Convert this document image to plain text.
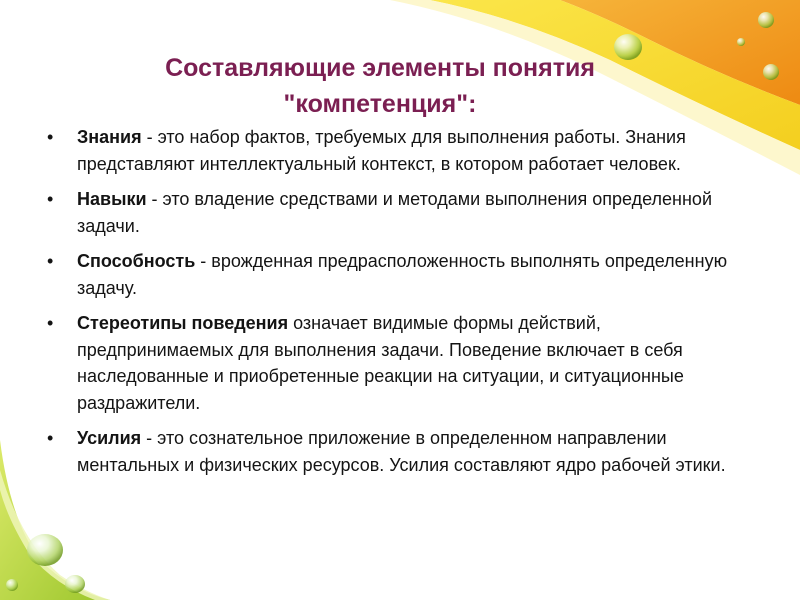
Составляющие элементы понятия
"компетенция":
• Знания - это набор фактов, требуемых для выполнения работы. Знания представляют интеллектуальный контекст, в котором работает человек.
• Навыки - это владение средствами и методами выполнения определенной задачи.
• Способность - врожденная предрасположенность выполнять определенную задачу.
• Стереотипы поведения означает видимые формы действий, предпринимаемых для выполнения задачи. Поведение включает в себя наследованные и приобретенные реакции на ситуации, и ситуационные раздражители.
• Усилия - это сознательное приложение в определенном направлении ментальных и физических ресурсов. Усилия составляют ядро рабочей этики.
